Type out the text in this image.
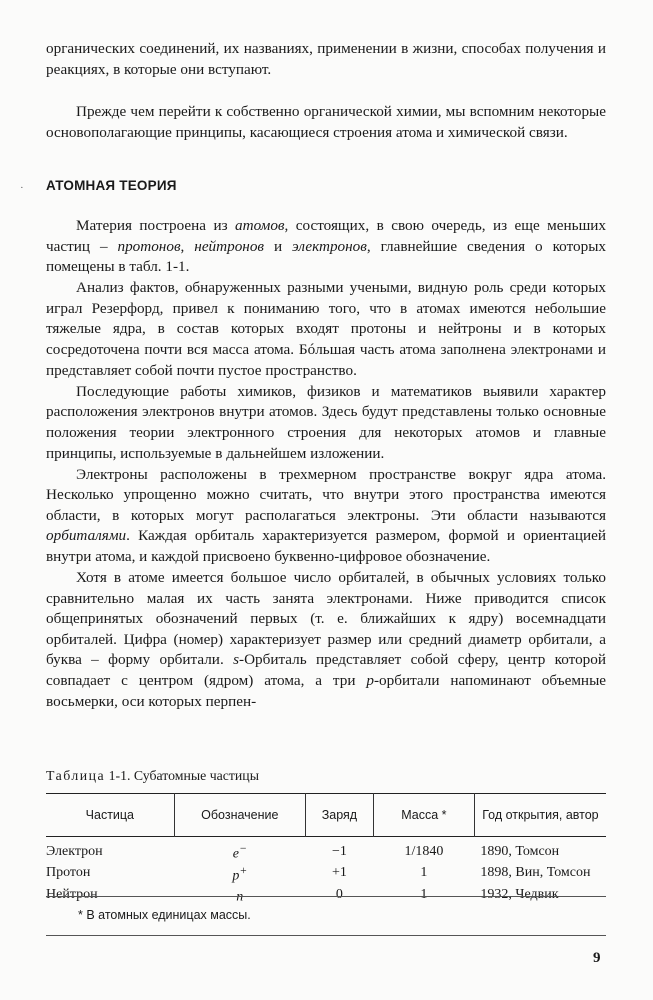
органических соединений, их названиях, применении в жизни, способах получения и реакциях, в которые они вступают.

Прежде чем перейти к собственно органической химии, мы вспомним некоторые основополагающие принципы, касающиеся строения атома и химической связи.

· АТОМНАЯ ТЕОРИЯ

Материя построена из атомов, состоящих, в свою очередь, из еще меньших частиц – протонов, нейтронов и электронов, главнейшие сведения о которых помещены в табл. 1-1.

Анализ фактов, обнаруженных разными учеными, видную роль среди которых играл Резерфорд, привел к пониманию того, что в атомах имеются небольшие тяжелые ядра, в состав которых входят протоны и нейтроны и в которых сосредоточена почти вся масса атома. Бóльшая часть атома заполнена электронами и представляет собой почти пустое пространство.

Последующие работы химиков, физиков и математиков выявили характер расположения электронов внутри атомов. Здесь будут представлены только основные положения теории электронного строения для некоторых атомов и главные принципы, используемые в дальнейшем изложении.

Электроны расположены в трехмерном пространстве вокруг ядра атома. Несколько упрощенно можно считать, что внутри этого пространства имеются области, в которых могут располагаться электроны. Эти области называются орбиталями. Каждая орбиталь характеризуется размером, формой и ориентацией внутри атома, и каждой присвоено буквенно-цифровое обозначение.

Хотя в атоме имеется большое число орбиталей, в обычных условиях только сравнительно малая их часть занята электронами. Ниже приводится список общепринятых обозначений первых (т. е. ближайших к ядру) восемнадцати орбиталей. Цифра (номер) характеризует размер или средний диаметр орбитали, а буква – форму орбитали. s-Орбиталь представляет собой сферу, центр которой совпадает с центром (ядром) атома, а три p-орбитали напоминают объемные восьмерки, оси которых перпен-

Таблица 1-1. Субатомные частицы
Частица	Обозначение	Заряд	Масса *	Год открытия, автор
Электрон	e−	−1	1/1840	1890, Томсон
Протон	p+	+1	1	1898, Вин, Томсон
Нейтрон	n	0	1	1932, Чедвик
* В атомных единицах массы.
9
